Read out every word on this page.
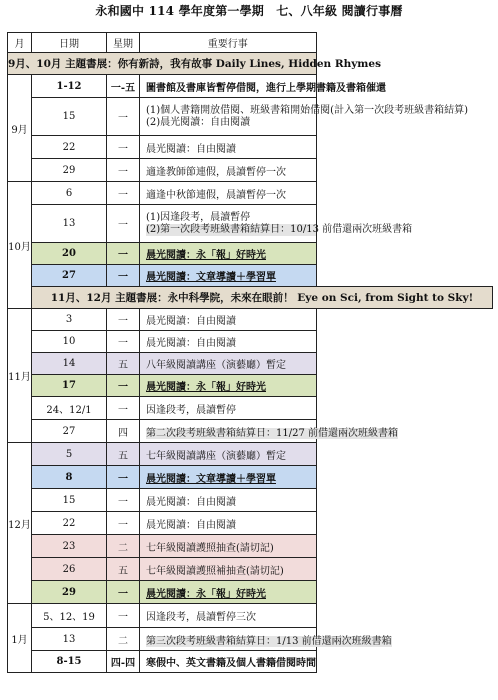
永和國中 114 學年度第一學期　七、八年級 閱讀行事曆
月	日期	星期	重要行事
9月、10月 主題書展：你有新詩，我有故事 Daily Lines, Hidden Rhymes			
9月	1-12	一-五	圖書館及書庫皆暫停借閱，進行上學期書籍及書箱催還
	15	一	(1)個人書籍開放借閱、班級書箱開始借閱(計入第一次段考班級書箱結算)
(2)晨光閱讀：自由閱讀

	22	一	晨光閱讀：自由閱讀
	29	一	適逢教師節連假，晨讀暫停一次
10月	6	一	適逢中秋節連假，晨讀暫停一次
	13	一	(1)因逢段考，晨讀暫停
(2)第一次段考班級書箱結算日：10/13 前借還兩次班級書箱

	20	一	晨光閱讀：永「報」好時光
	27	一	晨光閱讀：文章導讀＋學習單
	11月、12月 主題書展：永中科學院，未來在眼前！ Eye on Sci, from Sight to Sky!		
11月	3	一	晨光閱讀：自由閱讀
	10	一	晨光閱讀：自由閱讀
	14	五	八年級閱讀講座（演藝廳）暫定
	17	一	晨光閱讀：永「報」好時光
	24、12/1	一	因逢段考，晨讀暫停
	27	四	第二次段考班級書箱結算日：11/27 前借還兩次班級書箱
12月	5	五	七年級閱讀講座（演藝廳）暫定
	8	一	晨光閱讀：文章導讀＋學習單
	15	一	晨光閱讀：自由閱讀
	22	一	晨光閱讀：自由閱讀
	23	二	七年級閱讀護照抽查(請切記)
	26	五	七年級閱讀護照補抽查(請切記)
	29	一	晨光閱讀：永「報」好時光
1月	5、12、19	一	因逢段考，晨讀暫停三次
	13	二	第三次段考班級書箱結算日：1/13 前借還兩次班級書箱
	8-15	四-四	寒假中、英文書籍及個人書籍借閱時間
